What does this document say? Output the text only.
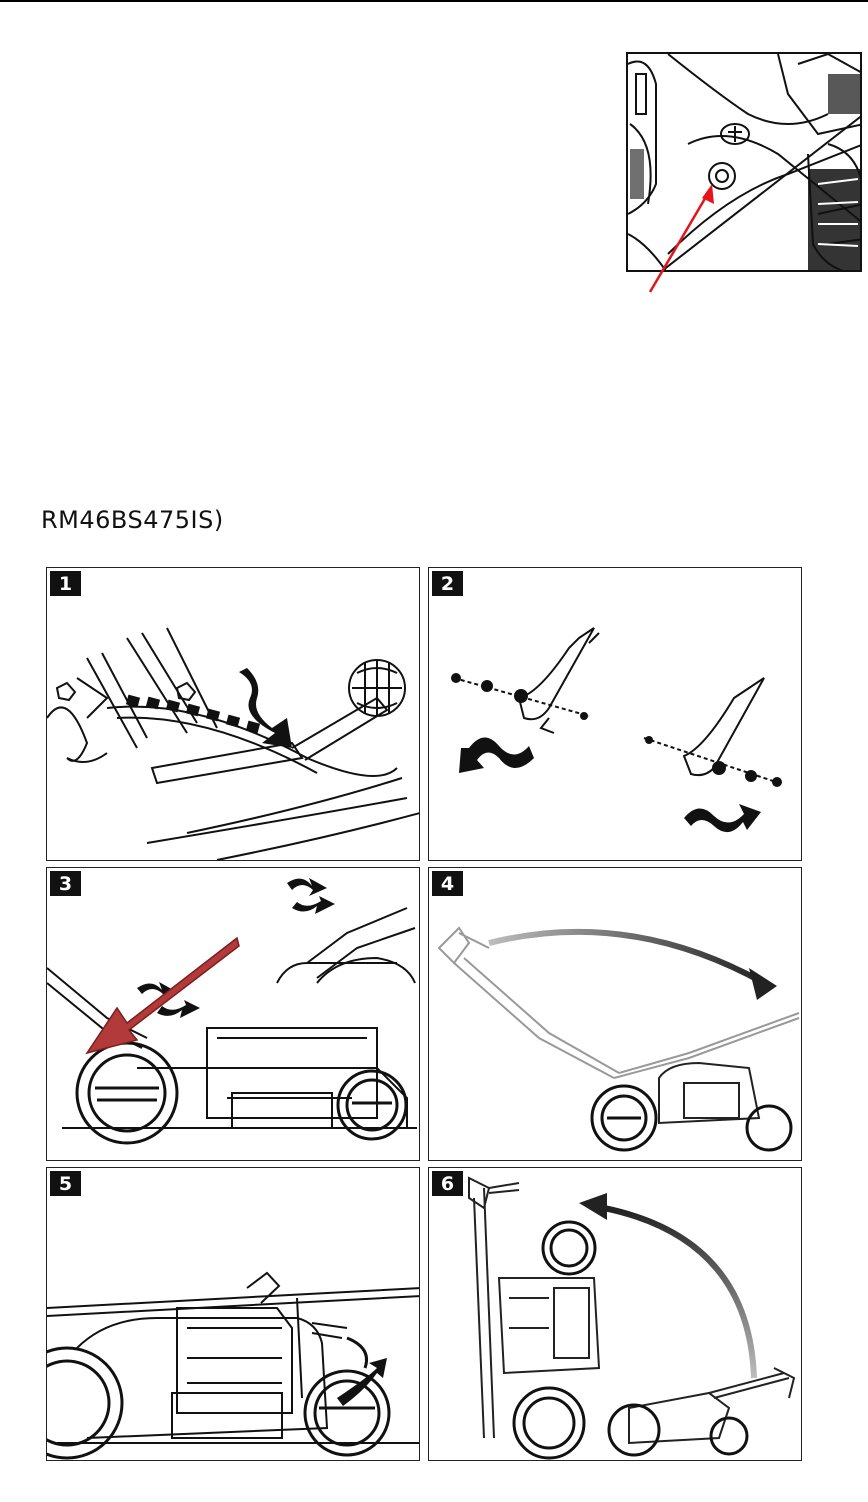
RM46BS475IS)
1	2
3	4
5	6
